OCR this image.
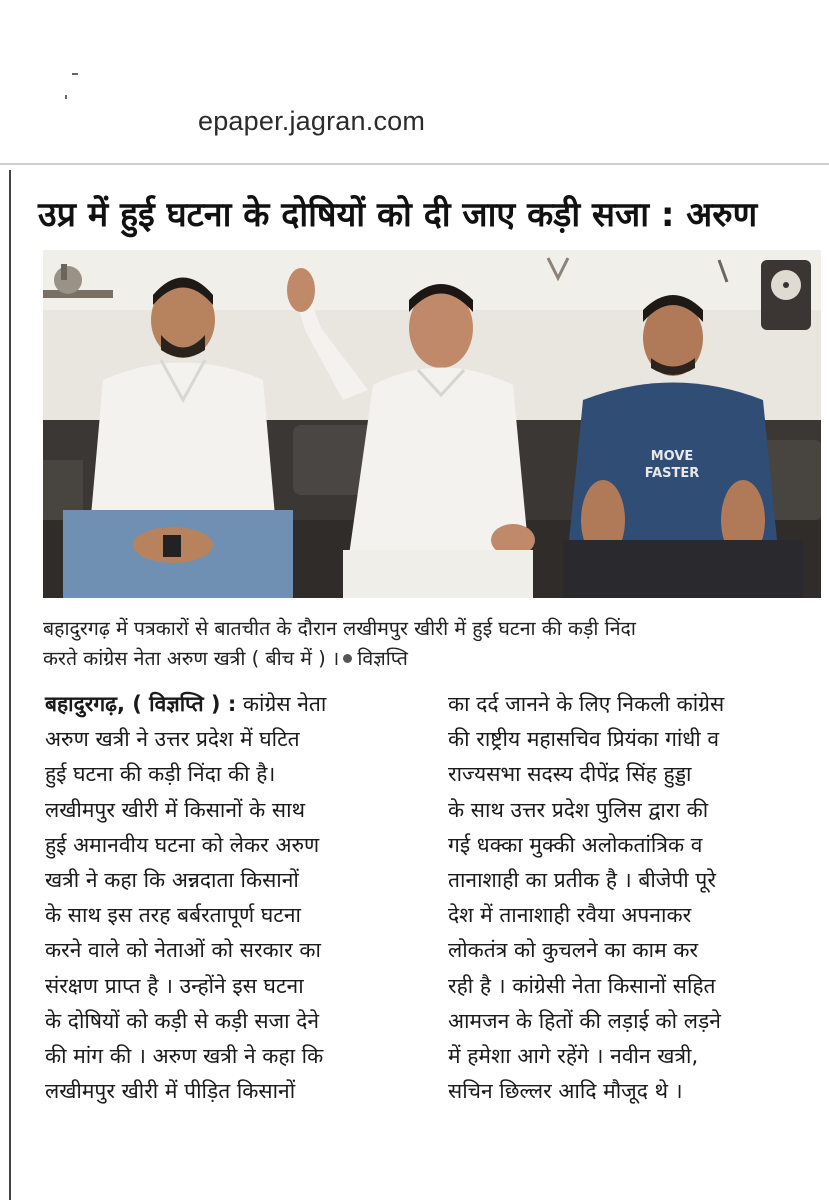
epaper.jagran.com
उप्र में हुई घटना के दोषियों को दी जाए कड़ी सजा : अरुण
MOVE
FASTER
बहादुरगढ़ में पत्रकारों से बातचीत के दौरान लखीमपुर खीरी में हुई घटना की कड़ी निंदा
करते कांग्रेस नेता अरुण खत्री ( बीच में ) । विज्ञप्ति
बहादुरगढ़, ( विज्ञप्ति ) : कांग्रेस नेता
अरुण खत्री ने उत्तर प्रदेश में घटित
हुई घटना की कड़ी निंदा की है।
लखीमपुर खीरी में किसानों के साथ
हुई अमानवीय घटना को लेकर अरुण
खत्री ने कहा कि अन्नदाता किसानों
के साथ इस तरह बर्बरतापूर्ण घटना
करने वाले को नेताओं को सरकार का
संरक्षण प्राप्त है । उन्होंने इस घटना
के दोषियों को कड़ी से कड़ी सजा देने
की मांग की । अरुण खत्री ने कहा कि
लखीमपुर खीरी में पीड़ित किसानों
का दर्द जानने के लिए निकली कांग्रेस
की राष्ट्रीय महासचिव प्रियंका गांधी व
राज्यसभा सदस्य दीपेंद्र सिंह हुड्डा
के साथ उत्तर प्रदेश पुलिस द्वारा की
गई धक्का मुक्की अलोकतांत्रिक व
तानाशाही का प्रतीक है । बीजेपी पूरे
देश में तानाशाही रवैया अपनाकर
लोकतंत्र को कुचलने का काम कर
रही है । कांग्रेसी नेता किसानों सहित
आमजन के हितों की लड़ाई को लड़ने
में हमेशा आगे रहेंगे । नवीन खत्री,
सचिन छिल्लर आदि मौजूद थे ।
